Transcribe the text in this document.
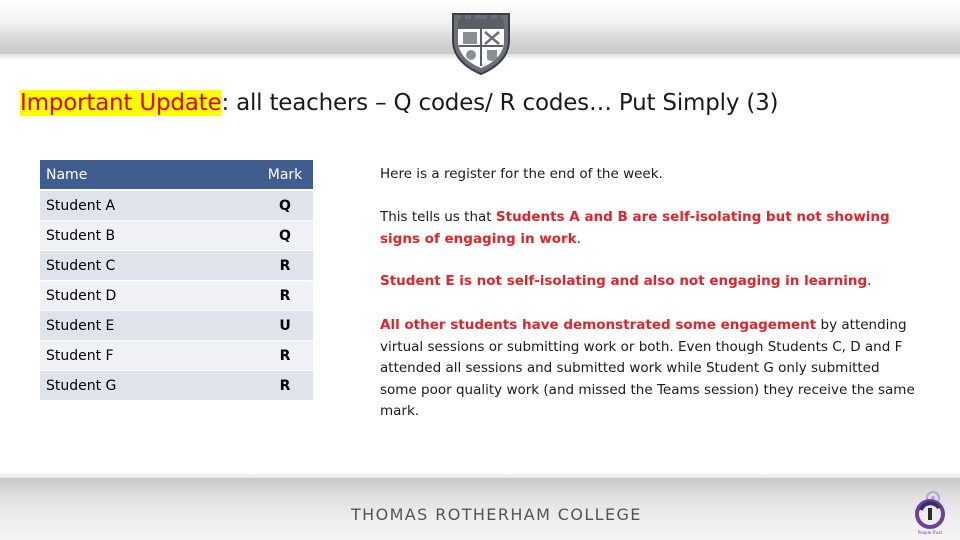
Important Update: all teachers – Q codes/ R codes… Put Simply (3)
Name	Mark
Student A	Q
Student B	Q
Student C	R
Student D	R
Student E	U
Student F	R
Student G	R
Here is a register for the end of the week.
This tells us that Students A and B are self-isolating but not showing signs of engaging in work.
Student E is not self-isolating and also not engaging in learning.
All other students have demonstrated some engagement by attending virtual sessions or submitting work or both. Even though Students C, D and F attended all sessions and submitted work while Student G only submitted some poor quality work (and missed the Teams session) they receive the same mark.
THOMAS ROTHERHAM COLLEGE
People Trust
